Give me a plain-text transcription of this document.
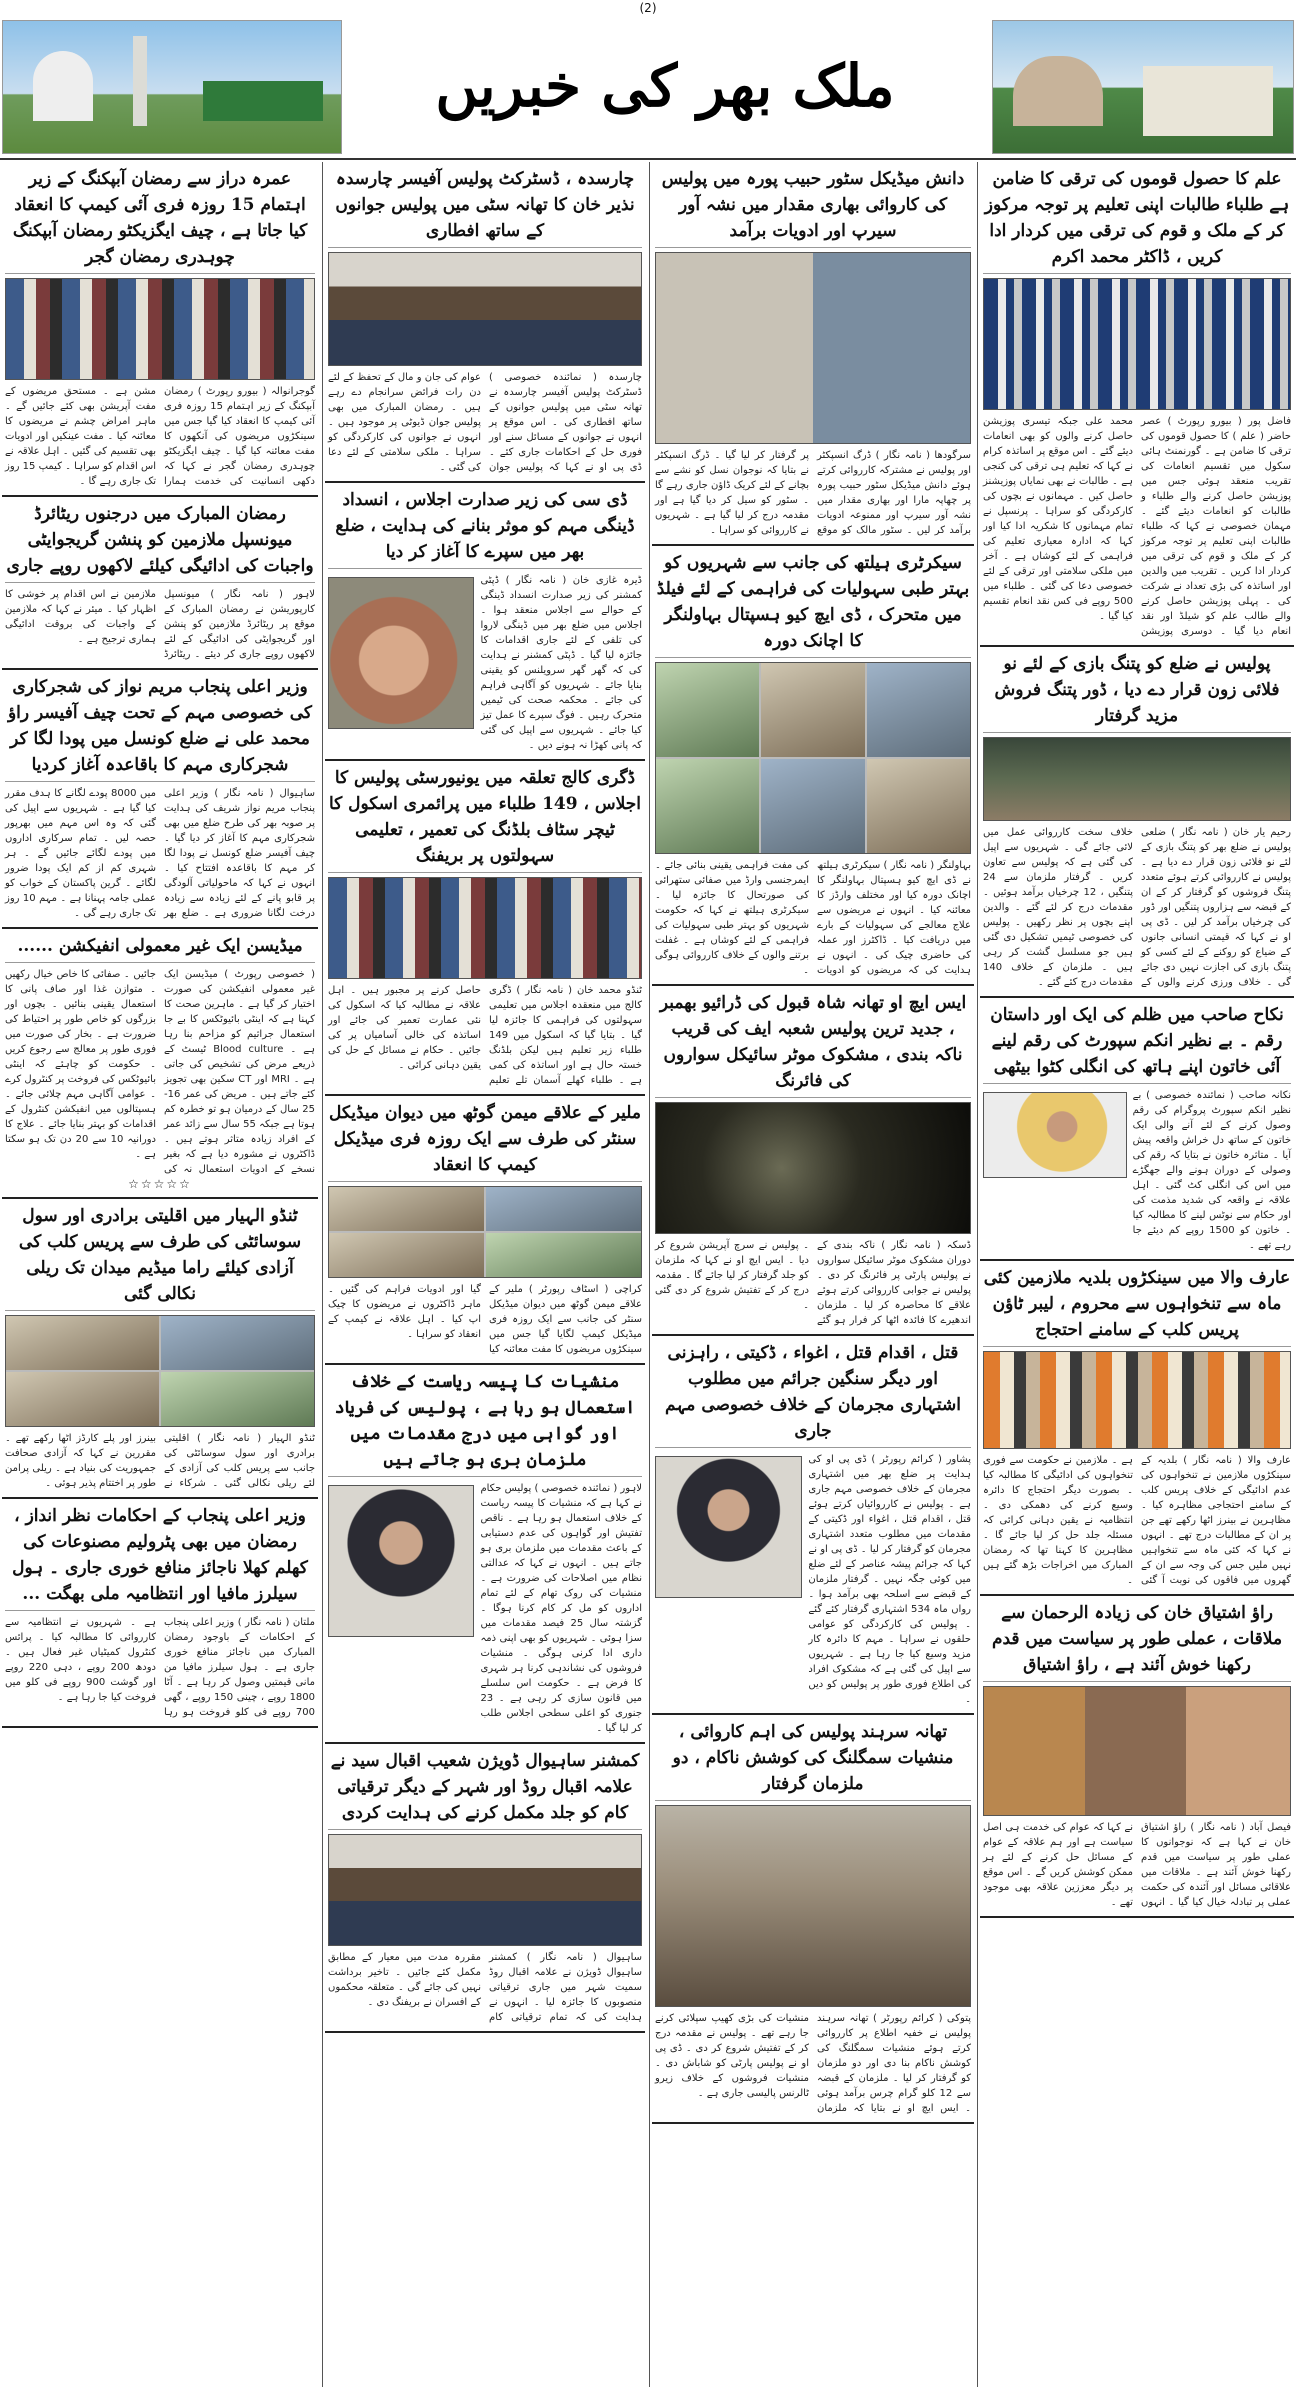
(2)
ملک بھر کی خبریں
علم کا حصول قوموں کی ترقی کا ضامن ہے طلباء طالبات اپنی تعلیم پر توجہ مرکوز کر کے ملک و قوم کی ترقی میں کردار ادا کریں ، ڈاکٹر محمد اکرم
فاضل پور ( بیورو رپورٹ ) عصر حاضر ( علم ) کا حصول قوموں کی ترقی کا ضامن ہے ۔ گورنمنٹ ہائی سکول میں تقسیم انعامات کی تقریب منعقد ہوئی جس میں پوزیشن حاصل کرنے والے طلباء و طالبات کو انعامات دیئے گئے ۔ مہمان خصوصی نے کہا کہ طلباء طالبات اپنی تعلیم پر توجہ مرکوز کر کے ملک و قوم کی ترقی میں کردار ادا کریں ۔ تقریب میں والدین اور اساتذہ کی بڑی تعداد نے شرکت کی ۔ پہلی پوزیشن حاصل کرنے والے طالب علم کو شیلڈ اور نقد انعام دیا گیا ۔ دوسری پوزیشن محمد علی جبکہ تیسری پوزیشن حاصل کرنے والوں کو بھی انعامات دیئے گئے ۔ اس موقع پر اساتذہ کرام نے کہا کہ تعلیم ہی ترقی کی کنجی ہے ۔ طالبات نے بھی نمایاں پوزیشنز حاصل کیں ۔ مہمانوں نے بچوں کی کارکردگی کو سراہا ۔ پرنسپل نے تمام مہمانوں کا شکریہ ادا کیا اور کہا کہ ادارہ معیاری تعلیم کی فراہمی کے لئے کوشاں ہے ۔ آخر میں ملکی سلامتی اور ترقی کے لئے خصوصی دعا کی گئی ۔ طلباء میں 500 روپے فی کس نقد انعام تقسیم کیا گیا ۔
پولیس نے ضلع کو پتنگ بازی کے لئے نو فلائی زون قرار دے دیا ، ڈور پتنگ فروش مزید گرفتار
رحیم یار خان ( نامہ نگار ) ضلعی پولیس نے ضلع بھر کو پتنگ بازی کے لئے نو فلائی زون قرار دے دیا ہے ۔ پولیس نے کارروائی کرتے ہوئے متعدد پتنگ فروشوں کو گرفتار کر کے ان کے قبضہ سے ہزاروں پتنگیں اور ڈور کی چرخیاں برآمد کر لیں ۔ ڈی پی او نے کہا کہ قیمتی انسانی جانوں کے ضیاع کو روکنے کے لئے کسی کو پتنگ بازی کی اجازت نہیں دی جائے گی ۔ خلاف ورزی کرنے والوں کے خلاف سخت کارروائی عمل میں لائی جائے گی ۔ شہریوں سے اپیل کی گئی ہے کہ پولیس سے تعاون کریں ۔ گرفتار ملزمان سے 24 پتنگیں ، 12 چرخیاں برآمد ہوئیں ۔ مقدمات درج کر لئے گئے ۔ والدین اپنے بچوں پر نظر رکھیں ۔ پولیس کی خصوصی ٹیمیں تشکیل دی گئی ہیں جو مسلسل گشت کر رہی ہیں ۔ ملزمان کے خلاف 140 مقدمات درج کئے گئے ۔
نکاح صاحب میں ظلم کی ایک اور داستان رقم ۔ بے نظیر انکم سپورٹ کی رقم لینے آئی خاتون اپنے ہاتھ کی انگلی کٹوا بیٹھی
نکانہ صاحب ( نمائندہ خصوصی ) بے نظیر انکم سپورٹ پروگرام کی رقم وصول کرنے کے لئے آنے والی ایک خاتون کے ساتھ دل خراش واقعہ پیش آیا ۔ متاثرہ خاتون نے بتایا کہ رقم کی وصولی کے دوران ہونے والے جھگڑے میں اس کی انگلی کٹ گئی ۔ اہل علاقہ نے واقعہ کی شدید مذمت کی اور حکام سے نوٹس لینے کا مطالبہ کیا ۔ خاتون کو 1500 روپے کم دیئے جا رہے تھے ۔
عارف والا میں سینکڑوں بلدیہ ملازمین کئی ماہ سے تنخواہوں سے محروم ، لیبر ٹاؤن پریس کلب کے سامنے احتجاج
عارف والا ( نامہ نگار ) بلدیہ کے سینکڑوں ملازمین نے تنخواہوں کی عدم ادائیگی کے خلاف پریس کلب کے سامنے احتجاجی مظاہرہ کیا ۔ مظاہرین نے بینرز اٹھا رکھے تھے جن پر ان کے مطالبات درج تھے ۔ انہوں نے کہا کہ کئی ماہ سے تنخواہیں نہیں ملیں جس کی وجہ سے ان کے گھروں میں فاقوں کی نوبت آ گئی ہے ۔ ملازمین نے حکومت سے فوری تنخواہوں کی ادائیگی کا مطالبہ کیا ۔ بصورت دیگر احتجاج کا دائرہ وسیع کرنے کی دھمکی دی ۔ انتظامیہ نے یقین دہانی کرائی کہ مسئلہ جلد حل کر لیا جائے گا ۔ مظاہرین کا کہنا تھا کہ رمضان المبارک میں اخراجات بڑھ گئے ہیں ۔
راؤ اشتیاق خان کی زیادہ الرحمان سے ملاقات ، عملی طور پر سیاست میں قدم رکھنا خوش آئند ہے ، راؤ اشتیاق
فیصل آباد ( نامہ نگار ) راؤ اشتیاق خان نے کہا ہے کہ نوجوانوں کا عملی طور پر سیاست میں قدم رکھنا خوش آئند ہے ۔ ملاقات میں علاقائی مسائل اور آئندہ کی حکمت عملی پر تبادلہ خیال کیا گیا ۔ انہوں نے کہا کہ عوام کی خدمت ہی اصل سیاست ہے اور ہم علاقہ کے عوام کے مسائل حل کرنے کے لئے ہر ممکن کوشش کریں گے ۔ اس موقع پر دیگر معززین علاقہ بھی موجود تھے ۔
دانش میڈیکل سٹور حبیب پورہ میں پولیس کی کاروائی بھاری مقدار میں نشہ آور سیرپ اور ادویات برآمد
سرگودھا ( نامہ نگار ) ڈرگ انسپکٹر اور پولیس نے مشترکہ کارروائی کرتے ہوئے دانش میڈیکل سٹور حبیب پورہ پر چھاپہ مارا اور بھاری مقدار میں نشہ آور سیرپ اور ممنوعہ ادویات برآمد کر لیں ۔ سٹور مالک کو موقع پر گرفتار کر لیا گیا ۔ ڈرگ انسپکٹر نے بتایا کہ نوجوان نسل کو نشے سے بچانے کے لئے کریک ڈاؤن جاری رہے گا ۔ سٹور کو سیل کر دیا گیا ہے اور مقدمہ درج کر لیا گیا ہے ۔ شہریوں نے کارروائی کو سراہا ۔
سیکرٹری ہیلتھ کی جانب سے شہریوں کو بہتر طبی سہولیات کی فراہمی کے لئے فیلڈ میں متحرک ، ڈی ایچ کیو ہسپتال بہاولنگر کا اچانک دورہ
بہاولنگر ( نامہ نگار ) سیکرٹری ہیلتھ نے ڈی ایچ کیو ہسپتال بہاولنگر کا اچانک دورہ کیا اور مختلف وارڈز کا معائنہ کیا ۔ انہوں نے مریضوں سے علاج معالجے کی سہولیات کے بارے میں دریافت کیا ۔ ڈاکٹرز اور عملہ کی حاضری چیک کی ۔ انہوں نے ہدایت کی کہ مریضوں کو ادویات کی مفت فراہمی یقینی بنائی جائے ۔ ایمرجنسی وارڈ میں صفائی ستھرائی کی صورتحال کا جائزہ لیا ۔ سیکرٹری ہیلتھ نے کہا کہ حکومت شہریوں کو بہتر طبی سہولیات کی فراہمی کے لئے کوشاں ہے ۔ غفلت برتنے والوں کے خلاف کارروائی ہوگی ۔
ایس ایچ او تھانہ شاہ قبول کی ڈرائیو بھمبر ، جدید ترین پولیس شعبہ ایف کی قریب ناکہ بندی ، مشکوک موٹر سائیکل سواروں کی فائرنگ
ڈسکہ ( نامہ نگار ) ناکہ بندی کے دوران مشکوک موٹر سائیکل سواروں نے پولیس پارٹی پر فائرنگ کر دی ۔ پولیس نے جوابی کارروائی کرتے ہوئے علاقے کا محاصرہ کر لیا ۔ ملزمان اندھیرے کا فائدہ اٹھا کر فرار ہو گئے ۔ پولیس نے سرچ آپریشن شروع کر دیا ۔ ایس ایچ او نے کہا کہ ملزمان کو جلد گرفتار کر لیا جائے گا ۔ مقدمہ درج کر کے تفتیش شروع کر دی گئی ۔
قتل ، اقدام قتل ، اغواء ، ڈکیتی ، راہزنی اور دیگر سنگین جرائم میں مطلوب اشتہاری مجرمان کے خلاف خصوصی مہم جاری
پشاور ( کرائم رپورٹر ) ڈی پی او کی ہدایت پر ضلع بھر میں اشتہاری مجرمان کے خلاف خصوصی مہم جاری ہے ۔ پولیس نے کارروائیاں کرتے ہوئے قتل ، اقدام قتل ، اغواء اور ڈکیتی کے مقدمات میں مطلوب متعدد اشتہاری مجرمان کو گرفتار کر لیا ۔ ڈی پی او نے کہا کہ جرائم پیشہ عناصر کے لئے ضلع میں کوئی جگہ نہیں ۔ گرفتار ملزمان کے قبضے سے اسلحہ بھی برآمد ہوا ۔ رواں ماہ 534 اشتہاری گرفتار کئے گئے ۔ پولیس کی کارکردگی کو عوامی حلقوں نے سراہا ۔ مہم کا دائرہ کار مزید وسیع کیا جا رہا ہے ۔ شہریوں سے اپیل کی گئی ہے کہ مشکوک افراد کی اطلاع فوری طور پر پولیس کو دیں ۔
تھانہ سرہند پولیس کی اہم کاروائی ، منشیات سمگلنگ کی کوشش ناکام ، دو ملزمان گرفتار
پتوکی ( کرائم رپورٹر ) تھانہ سرہند پولیس نے خفیہ اطلاع پر کارروائی کرتے ہوئے منشیات سمگلنگ کی کوشش ناکام بنا دی اور دو ملزمان کو گرفتار کر لیا ۔ ملزمان کے قبضہ سے 12 کلو گرام چرس برآمد ہوئی ۔ ایس ایچ او نے بتایا کہ ملزمان منشیات کی بڑی کھیپ سپلائی کرنے جا رہے تھے ۔ پولیس نے مقدمہ درج کر کے تفتیش شروع کر دی ۔ ڈی پی او نے پولیس پارٹی کو شاباش دی ۔ منشیات فروشوں کے خلاف زیرو ٹالرنس پالیسی جاری ہے ۔
چارسدہ ، ڈسٹرکٹ پولیس آفیسر چارسدہ نذیر خان کا تھانہ سٹی میں پولیس جوانوں کے ساتھ افطاری
چارسدہ ( نمائندہ خصوصی ) ڈسٹرکٹ پولیس آفیسر چارسدہ نے تھانہ سٹی میں پولیس جوانوں کے ساتھ افطاری کی ۔ اس موقع پر انہوں نے جوانوں کے مسائل سنے اور فوری حل کے احکامات جاری کئے ۔ ڈی پی او نے کہا کہ پولیس جوان عوام کی جان و مال کے تحفظ کے لئے دن رات فرائض سرانجام دے رہے ہیں ۔ رمضان المبارک میں بھی پولیس جوان ڈیوٹی پر موجود ہیں ۔ انہوں نے جوانوں کی کارکردگی کو سراہا ۔ ملکی سلامتی کے لئے دعا کی گئی ۔
ڈی سی کی زیر صدارت اجلاس ، انسداد ڈینگی مہم کو موثر بنانے کی ہدایت ، ضلع بھر میں سپرے کا آغاز کر دیا
ڈیرہ غازی خان ( نامہ نگار ) ڈپٹی کمشنر کی زیر صدارت انسداد ڈینگی کے حوالے سے اجلاس منعقد ہوا ۔ اجلاس میں ضلع بھر میں ڈینگی لاروا کی تلفی کے لئے جاری اقدامات کا جائزہ لیا گیا ۔ ڈپٹی کمشنر نے ہدایت کی کہ گھر گھر سرویلنس کو یقینی بنایا جائے ۔ شہریوں کو آگاہی فراہم کی جائے ۔ محکمہ صحت کی ٹیمیں متحرک رہیں ۔ فوگ سپرے کا عمل تیز کیا جائے ۔ شہریوں سے اپیل کی گئی کہ پانی کھڑا نہ ہونے دیں ۔
ڈگری کالج تعلقہ میں یونیورسٹی پولیس کا اجلاس ، 149 طلباء میں پرائمری اسکول کا ٹیچر سٹاف بلڈنگ کی تعمیر ، تعلیمی سہولتوں پر بریفنگ
ٹنڈو محمد خان ( نامہ نگار ) ڈگری کالج میں منعقدہ اجلاس میں تعلیمی سہولتوں کی فراہمی کا جائزہ لیا گیا ۔ بتایا گیا کہ اسکول میں 149 طلباء زیر تعلیم ہیں لیکن بلڈنگ خستہ حال ہے اور اساتذہ کی کمی ہے ۔ طلباء کھلے آسمان تلے تعلیم حاصل کرنے پر مجبور ہیں ۔ اہل علاقہ نے مطالبہ کیا کہ اسکول کی نئی عمارت تعمیر کی جائے اور اساتذہ کی خالی آسامیاں پر کی جائیں ۔ حکام نے مسائل کے حل کی یقین دہانی کرائی ۔
ملیر کے علاقے میمن گوٹھ میں دیوان میڈیکل سنٹر کی طرف سے ایک روزہ فری میڈیکل کیمپ کا انعقاد
کراچی ( اسٹاف رپورٹر ) ملیر کے علاقے میمن گوٹھ میں دیوان میڈیکل سنٹر کی جانب سے ایک روزہ فری میڈیکل کیمپ لگایا گیا جس میں سینکڑوں مریضوں کا مفت معائنہ کیا گیا اور ادویات فراہم کی گئیں ۔ ماہر ڈاکٹروں نے مریضوں کا چیک اپ کیا ۔ اہل علاقہ نے کیمپ کے انعقاد کو سراہا ۔
منشیات کا پیسہ ریاست کے خلاف استعمال ہو رہا ہے ، پولیس کی فریاد اور گواہی میں درج مقدمات میں ملزمان بری ہو جاتے ہیں
لاہور ( نمائندہ خصوصی ) پولیس حکام نے کہا ہے کہ منشیات کا پیسہ ریاست کے خلاف استعمال ہو رہا ہے ۔ ناقص تفتیش اور گواہوں کی عدم دستیابی کے باعث مقدمات میں ملزمان بری ہو جاتے ہیں ۔ انہوں نے کہا کہ عدالتی نظام میں اصلاحات کی ضرورت ہے ۔ منشیات کی روک تھام کے لئے تمام اداروں کو مل کر کام کرنا ہوگا ۔ گزشتہ سال 25 فیصد مقدمات میں سزا ہوئی ۔ شہریوں کو بھی اپنی ذمہ داری ادا کرنی ہوگی ۔ منشیات فروشوں کی نشاندہی کرنا ہر شہری کا فرض ہے ۔ حکومت اس سلسلے میں قانون سازی کر رہی ہے ۔ 23 جنوری کو اعلی سطحی اجلاس طلب کر لیا گیا ۔
کمشنر ساہیوال ڈویژن شعیب اقبال سید نے علامہ اقبال روڈ اور شہر کے دیگر ترقیاتی کام کو جلد مکمل کرنے کی ہدایت کردی
ساہیوال ( نامہ نگار ) کمشنر ساہیوال ڈویژن نے علامہ اقبال روڈ سمیت شہر میں جاری ترقیاتی منصوبوں کا جائزہ لیا ۔ انہوں نے ہدایت کی کہ تمام ترقیاتی کام مقررہ مدت میں معیار کے مطابق مکمل کئے جائیں ۔ تاخیر برداشت نہیں کی جائے گی ۔ متعلقہ محکموں کے افسران نے بریفنگ دی ۔
عمرہ دراز سے رمضان آبپکنگ کے زیر اہتمام 15 روزہ فری آئی کیمپ کا انعقاد کیا جاتا ہے ، چیف ایگزیکٹو رمضان آبپکنگ چوہدری رمضان گجر
گوجرانوالہ ( بیورو رپورٹ ) رمضان آبپکنگ کے زیر اہتمام 15 روزہ فری آئی کیمپ کا انعقاد کیا گیا جس میں سینکڑوں مریضوں کی آنکھوں کا مفت معائنہ کیا گیا ۔ چیف ایگزیکٹو چوہدری رمضان گجر نے کہا کہ دکھی انسانیت کی خدمت ہمارا مشن ہے ۔ مستحق مریضوں کے مفت آپریشن بھی کئے جائیں گے ۔ ماہر امراض چشم نے مریضوں کا معائنہ کیا ۔ مفت عینکیں اور ادویات بھی تقسیم کی گئیں ۔ اہل علاقہ نے اس اقدام کو سراہا ۔ کیمپ 15 روز تک جاری رہے گا ۔
رمضان المبارک میں درجنوں ریٹائرڈ میونسپل ملازمین کو پنشن گریجوایٹی واجبات کی ادائیگی کیلئے لاکھوں روپے جاری
لاہور ( نامہ نگار ) میونسپل کارپوریشن نے رمضان المبارک کے موقع پر ریٹائرڈ ملازمین کو پنشن اور گریجوایٹی کی ادائیگی کے لئے لاکھوں روپے جاری کر دیئے ۔ ریٹائرڈ ملازمین نے اس اقدام پر خوشی کا اظہار کیا ۔ میئر نے کہا کہ ملازمین کے واجبات کی بروقت ادائیگی ہماری ترجیح ہے ۔
وزیر اعلی پنجاب مریم نواز کی شجرکاری کی خصوصی مہم کے تحت چیف آفیسر راؤ محمد علی نے ضلع کونسل میں پودا لگا کر شجرکاری مہم کا باقاعدہ آغاز کردیا
ساہیوال ( نامہ نگار ) وزیر اعلی پنجاب مریم نواز شریف کی ہدایت پر صوبہ بھر کی طرح ضلع میں بھی شجرکاری مہم کا آغاز کر دیا گیا ۔ چیف آفیسر ضلع کونسل نے پودا لگا کر مہم کا باقاعدہ افتتاح کیا ۔ انہوں نے کہا کہ ماحولیاتی آلودگی پر قابو پانے کے لئے زیادہ سے زیادہ درخت لگانا ضروری ہے ۔ ضلع بھر میں 8000 پودے لگانے کا ہدف مقرر کیا گیا ہے ۔ شہریوں سے اپیل کی گئی کہ وہ اس مہم میں بھرپور حصہ لیں ۔ تمام سرکاری اداروں میں پودے لگائے جائیں گے ۔ ہر شہری کم از کم ایک پودا ضرور لگائے ۔ گرین پاکستان کے خواب کو عملی جامہ پہنانا ہے ۔ مہم 10 روز تک جاری رہے گی ۔
میڈیسن ایک غیر معمولی انفیکشن ......
( خصوصی رپورٹ ) میڈیسن ایک غیر معمولی انفیکشن کی صورت اختیار کر گیا ہے ۔ ماہرین صحت کا کہنا ہے کہ اینٹی بائیوٹکس کا بے جا استعمال جراثیم کو مزاحم بنا رہا ہے ۔ Blood culture ٹیسٹ کے ذریعے مرض کی تشخیص کی جاتی ہے ۔ MRI اور CT سکین بھی تجویز کئے جاتے ہیں ۔ مریض کی عمر 16-25 سال کے درمیان ہو تو خطرہ کم ہوتا ہے جبکہ 55 سال سے زائد عمر کے افراد زیادہ متاثر ہوتے ہیں ۔ ڈاکٹروں نے مشورہ دیا ہے کہ بغیر نسخے کے ادویات استعمال نہ کی جائیں ۔ صفائی کا خاص خیال رکھیں ۔ متوازن غذا اور صاف پانی کا استعمال یقینی بنائیں ۔ بچوں اور بزرگوں کو خاص طور پر احتیاط کی ضرورت ہے ۔ بخار کی صورت میں فوری طور پر معالج سے رجوع کریں ۔ حکومت کو چاہئے کہ اینٹی بائیوٹکس کی فروخت پر کنٹرول کرے ۔ عوامی آگاہی مہم چلائی جائے ۔ ہسپتالوں میں انفیکشن کنٹرول کے اقدامات کو بہتر بنایا جائے ۔ علاج کا دورانیہ 10 سے 20 دن تک ہو سکتا ہے ۔
☆☆☆☆☆
ٹنڈو الہیار میں اقلیتی برادری اور سول سوسائٹی کی طرف سے پریس کلب کی آزادی کیلئے راما میڈیم میدان تک ریلی نکالی گئی
ٹنڈو الہیار ( نامہ نگار ) اقلیتی برادری اور سول سوسائٹی کی جانب سے پریس کلب کی آزادی کے لئے ریلی نکالی گئی ۔ شرکاء نے بینرز اور پلے کارڈز اٹھا رکھے تھے ۔ مقررین نے کہا کہ آزادی صحافت جمہوریت کی بنیاد ہے ۔ ریلی پرامن طور پر اختتام پذیر ہوئی ۔
وزیر اعلی پنجاب کے احکامات نظر انداز ، رمضان میں بھی پٹرولیم مصنوعات کی کھلم کھلا ناجائز منافع خوری جاری ۔ ہول سیلرز مافیا اور انتظامیہ ملی بھگت ...
ملتان ( نامہ نگار ) وزیر اعلی پنجاب کے احکامات کے باوجود رمضان المبارک میں ناجائز منافع خوری جاری ہے ۔ ہول سیلرز مافیا من مانی قیمتیں وصول کر رہا ہے ۔ آٹا 1800 روپے ، چینی 150 روپے ، گھی 700 روپے فی کلو فروخت ہو رہا ہے ۔ شہریوں نے انتظامیہ سے کارروائی کا مطالبہ کیا ۔ پرائس کنٹرول کمیٹیاں غیر فعال ہیں ۔ دودھ 200 روپے ، دہی 220 روپے اور گوشت 900 روپے فی کلو میں فروخت کیا جا رہا ہے ۔
